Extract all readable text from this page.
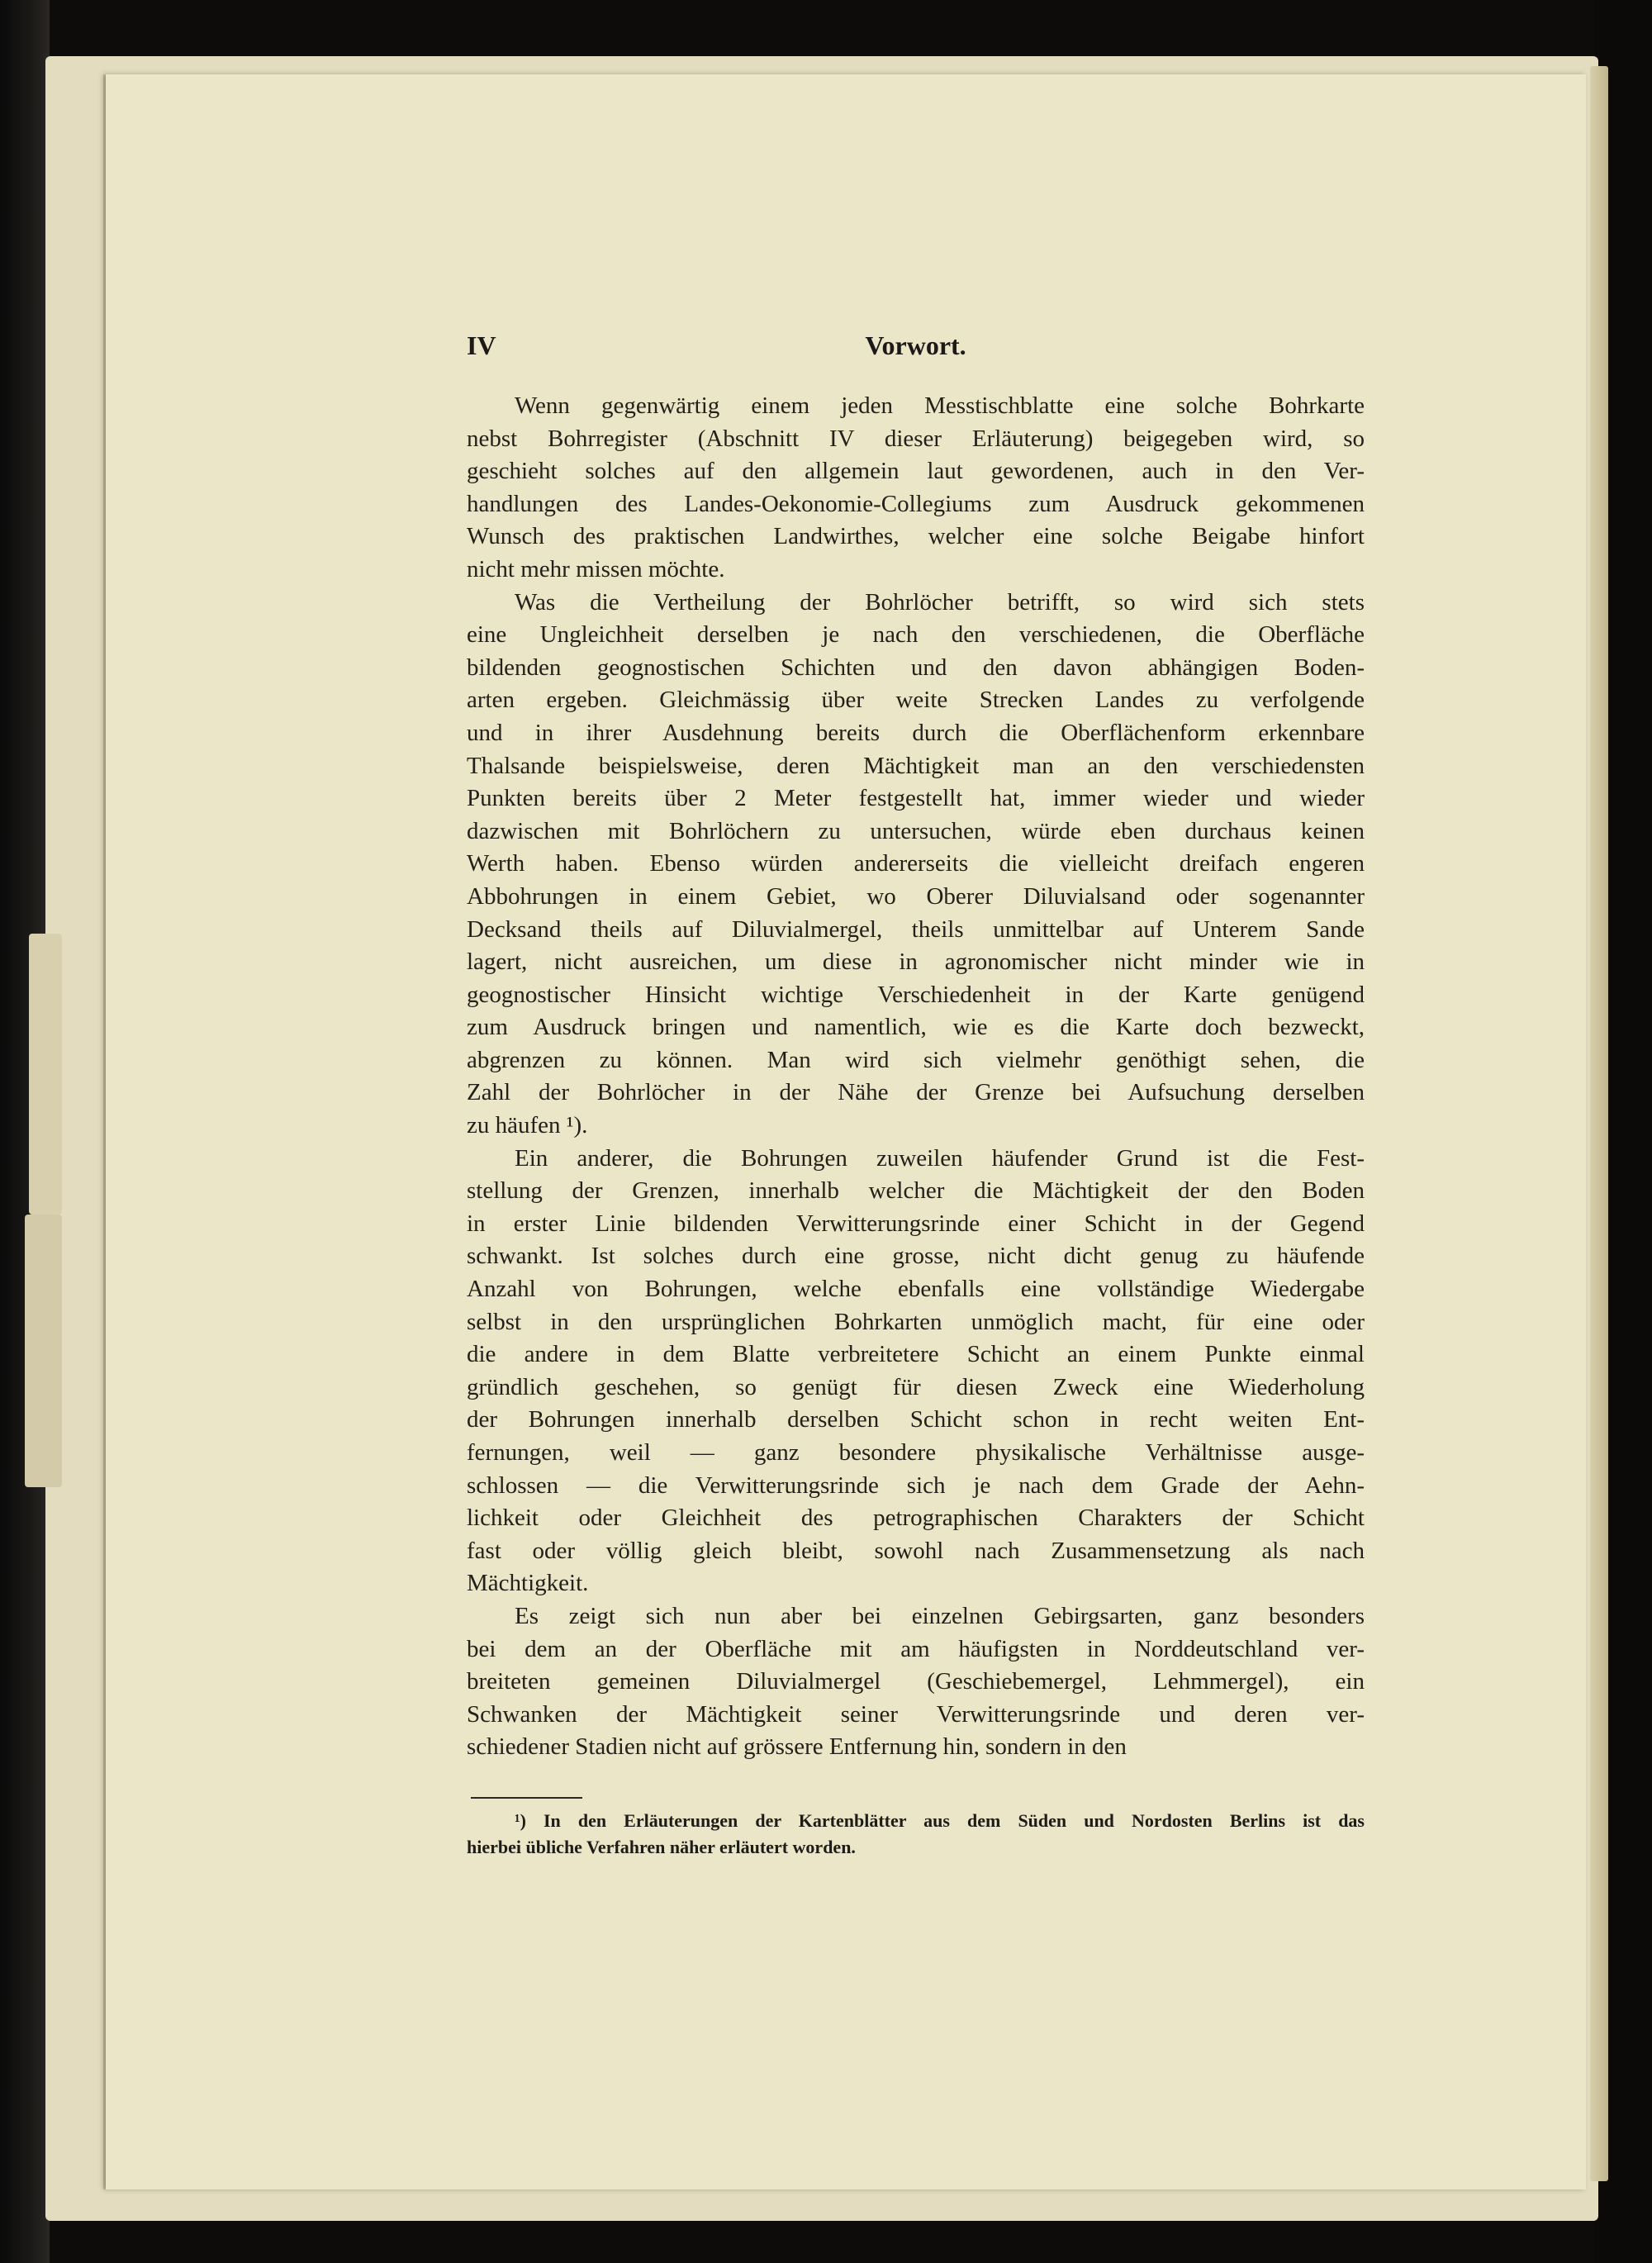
IV	Vorwort.
Wenn gegenwärtig einem jeden Messtischblatte eine solche Bohrkarte
nebst Bohrregister (Abschnitt IV dieser Erläuterung) beigegeben wird, so
geschieht solches auf den allgemein laut gewordenen, auch in den Ver-
handlungen des Landes-Oekonomie-Collegiums zum Ausdruck gekommenen
Wunsch des praktischen Landwirthes, welcher eine solche Beigabe hinfort
nicht mehr missen möchte.
Was die Vertheilung der Bohrlöcher betrifft, so wird sich stets
eine Ungleichheit derselben je nach den verschiedenen, die Oberfläche
bildenden geognostischen Schichten und den davon abhängigen Boden-
arten ergeben. Gleichmässig über weite Strecken Landes zu verfolgende
und in ihrer Ausdehnung bereits durch die Oberflächenform erkennbare
Thalsande beispielsweise, deren Mächtigkeit man an den verschiedensten
Punkten bereits über 2 Meter festgestellt hat, immer wieder und wieder
dazwischen mit Bohrlöchern zu untersuchen, würde eben durchaus keinen
Werth haben. Ebenso würden andererseits die vielleicht dreifach engeren
Abbohrungen in einem Gebiet, wo Oberer Diluvialsand oder sogenannter
Decksand theils auf Diluvialmergel, theils unmittelbar auf Unterem Sande
lagert, nicht ausreichen, um diese in agronomischer nicht minder wie in
geognostischer Hinsicht wichtige Verschiedenheit in der Karte genügend
zum Ausdruck bringen und namentlich, wie es die Karte doch bezweckt,
abgrenzen zu können. Man wird sich vielmehr genöthigt sehen, die
Zahl der Bohrlöcher in der Nähe der Grenze bei Aufsuchung derselben
zu häufen ¹).
Ein anderer, die Bohrungen zuweilen häufender Grund ist die Fest-
stellung der Grenzen, innerhalb welcher die Mächtigkeit der den Boden
in erster Linie bildenden Verwitterungsrinde einer Schicht in der Gegend
schwankt. Ist solches durch eine grosse, nicht dicht genug zu häufende
Anzahl von Bohrungen, welche ebenfalls eine vollständige Wiedergabe
selbst in den ursprünglichen Bohrkarten unmöglich macht, für eine oder
die andere in dem Blatte verbreitetere Schicht an einem Punkte einmal
gründlich geschehen, so genügt für diesen Zweck eine Wiederholung
der Bohrungen innerhalb derselben Schicht schon in recht weiten Ent-
fernungen, weil — ganz besondere physikalische Verhältnisse ausge-
schlossen — die Verwitterungsrinde sich je nach dem Grade der Aehn-
lichkeit oder Gleichheit des petrographischen Charakters der Schicht
fast oder völlig gleich bleibt, sowohl nach Zusammensetzung als nach
Mächtigkeit.
Es zeigt sich nun aber bei einzelnen Gebirgsarten, ganz besonders
bei dem an der Oberfläche mit am häufigsten in Norddeutschland ver-
breiteten gemeinen Diluvialmergel (Geschiebemergel, Lehmmergel), ein
Schwanken der Mächtigkeit seiner Verwitterungsrinde und deren ver-
schiedener Stadien nicht auf grössere Entfernung hin, sondern in den
¹) In den Erläuterungen der Kartenblätter aus dem Süden und Nordosten Berlins ist das
hierbei übliche Verfahren näher erläutert worden.
